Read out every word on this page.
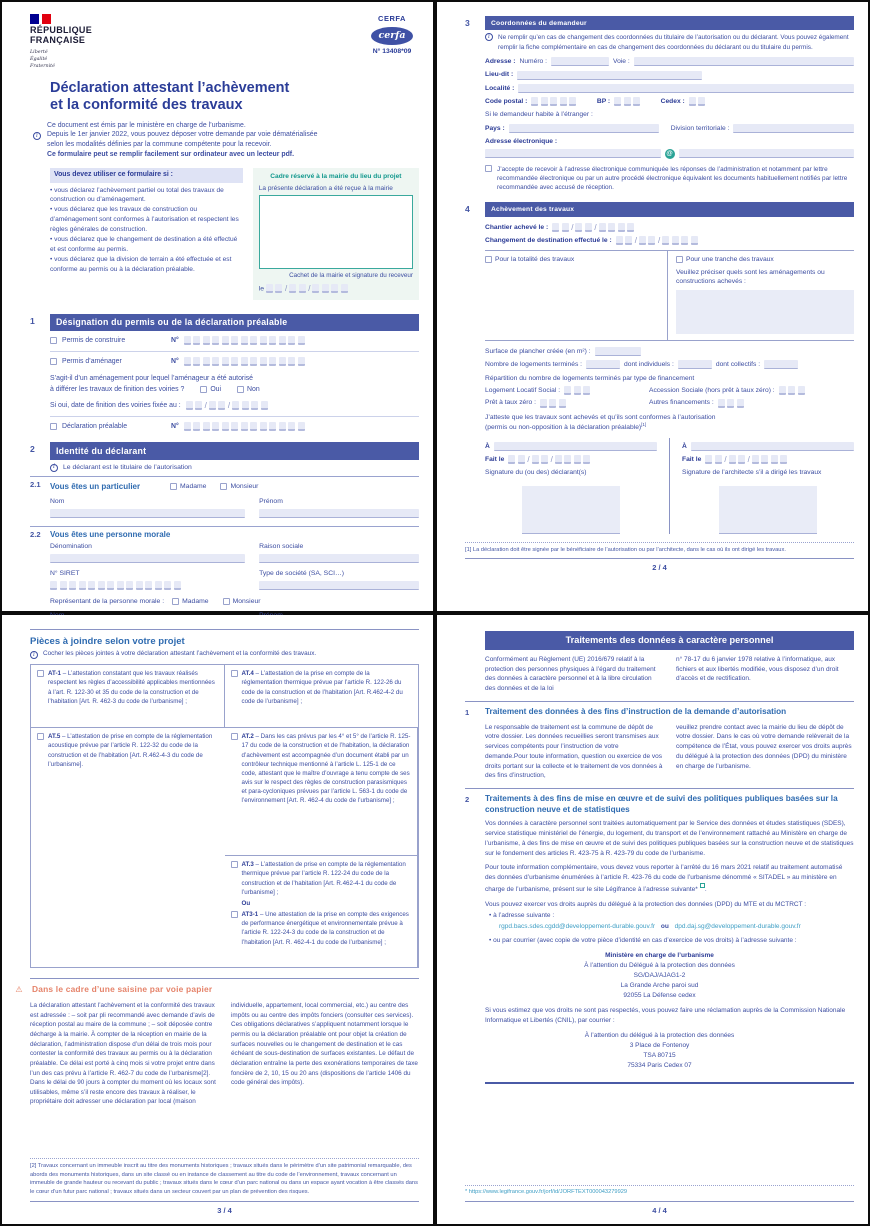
RÉPUBLIQUE
FRANÇAISE
Liberté
Égalité
Fraternité
CERFA
cerfa
N° 13408*09
Déclaration attestant l’achèvement
et la conformité des travaux
i
Ce document est émis par le ministère en charge de l’urbanisme.
Depuis le 1er janvier 2022, vous pouvez déposer votre demande par voie dématérialisée
selon les modalités définies par la commune compétente pour la recevoir.
Ce formulaire peut se remplir facilement sur ordinateur avec un lecteur pdf.
Vous devez utiliser ce formulaire si :
• vous déclarez l’achèvement partiel ou total des travaux de construction ou d’aménagement.
• vous déclarez que les travaux de construction ou d’aménagement sont conformes à l’autorisation et respectent les règles générales de construction.
• vous déclarez que le changement de destination a été effectué et est conforme au permis.
• vous déclarez que la division de terrain a été effectuée et est conforme au permis ou à la déclaration préalable.
Cadre réservé à la mairie du lieu du projet
La présente déclaration a été reçue à la mairie
Cachet de la mairie et signature du receveur
le	/	/
1	Désignation du permis ou de la déclaration préalable
Permis de construire	N°
Permis d’aménager	N°
S’agit-il d’un aménagement pour lequel l’aménageur a été autorisé
à différer les travaux de finition des voiries ?	Oui	Non
Si oui, date de finition des voiries fixée au :	/	/
Déclaration préalable	N°
2	Identité du déclarant
i
Le déclarant est le titulaire de l’autorisation
2.1	Vous êtes un particulier	Madame	Monsieur
Nom	Prénom
2.2	Vous êtes une personne morale
Dénomination	Raison sociale
N° SIRET	Type de société (SA, SCI…)
Représentant de la personne morale :	Madame	Monsieur
3	Coordonnées du demandeur
i
Ne remplir qu’en cas de changement des coordonnées du titulaire de l’autorisation ou du déclarant. Vous pouvez également remplir la fiche complémentaire en cas de changement des coordonnées du déclarant ou du titulaire du permis.
Adresse : Numéro :	Voie :
Lieu-dit :
Localité :
Code postal :	BP :	Cedex :
Si le demandeur habite à l’étranger :
Pays :	Division territoriale :
Adresse électronique :
@
J’accepte de recevoir à l’adresse électronique communiquée les réponses de l’administration et notamment par lettre recommandée électronique ou par un autre procédé électronique équivalent les documents habituellement notifiés par lettre recommandée avec accusé de réception.
4	Achèvement des travaux
Chantier achevé le :	/	/
Changement de destination effectué le :	/	/
Pour la totalité des travaux	Pour une tranche des travaux
Veuillez préciser quels sont les aménagements ou constructions achevés :
Surface de plancher créée (en m²) :
Nombre de logements terminés :	dont individuels :	dont collectifs :
Répartition du nombre de logements terminés par type de financement
Logement Locatif Social :	Accession Sociale (hors prêt à taux zéro) :
Prêt à taux zéro :	Autres financements :
J’atteste que les travaux sont achevés et qu’ils sont conformes à l’autorisation
(permis ou non-opposition à la déclaration préalable)[1]
À
Fait le	/	/
Signature du (ou des) déclarant(s)
À
Fait le	/	/
Signature de l’architecte s’il a dirigé les travaux
[1] La déclaration doit être signée par le bénéficiaire de l’autorisation ou par l’architecte, dans le cas où ils ont dirigé les travaux.
2 / 4
Pièces à joindre selon votre projet
i
Cocher les pièces jointes à votre déclaration attestant l’achèvement et la conformité des travaux.
AT-1 – L’attestation constatant que les travaux réalisés respectent les règles d’accessibilité applicables mentionnées à l’art. R. 122-30 et 35 du code de la construction et de l’habitation [Art. R. 462-3 du code de l’urbanisme] ;
AT.4 – L’attestation de la prise en compte de la réglementation thermique prévue par l’article R. 122-26 du code de la construction et de l’habitation [Art. R.462-4-2 du code de l’urbanisme] ;
AT.2 – Dans les cas prévus par les 4° et 5° de l’article R. 125-17 du code de la construction et de l’habitation, la déclaration d’achèvement est accompagnée d’un document établi par un contrôleur technique mentionné à l’article L. 125-1 de ce code, attestant que le maître d’ouvrage a tenu compte de ses avis sur le respect des règles de construction parasismiques et para-cycloniques prévues par l’article L. 563-1 du code de l’environnement [Art. R. 462-4 du code de l’urbanisme] ;
AT.5 – L’attestation de prise en compte de la réglementation acoustique prévue par l’article R. 122-32 du code de la construction et de l’habitation [Art. R.462-4-3 du code de l’urbanisme].
AT.3 – L’attestation de prise en compte de la réglementation thermique prévue par l’article R. 122-24 du code de la construction et de l’habitation [Art. R.462-4-1 du code de l’urbanisme] ;
Ou
AT3-1 – Une attestation de la prise en compte des exigences de performance énergétique et environnementale prévue à l’article R. 122-24-3 du code de la construction et de l’habitation [Art. R. 462-4-1 du code de l’urbanisme] ;
⚠
Dans le cadre d’une saisine par voie papier
La déclaration attestant l’achèvement et la conformité des travaux est adressée : – soit par pli recommandé avec demande d’avis de réception postal au maire de la commune ; – soit déposée contre décharge à la mairie. À compter de la réception en mairie de la déclaration, l’administration dispose d’un délai de trois mois pour contester la conformité des travaux au permis ou à la déclaration préalable. Ce délai est porté à cinq mois si votre projet entre dans l’un des cas prévu à l’article R. 462-7 du code de l’urbanisme[2]. Dans le délai de 90 jours à compter du moment où les locaux sont utilisables, même s’il reste encore des travaux à réaliser, le propriétaire doit adresser une déclaration par local (maison
individuelle, appartement, local commercial, etc.) au centre des impôts ou au centre des impôts fonciers (consulter ces services). Ces obligations déclaratives s’appliquent notamment lorsque le permis ou la déclaration préalable ont pour objet la création de surfaces nouvelles ou le changement de destination et le cas échéant de sous-destination de surfaces existantes. Le défaut de déclaration entraîne la perte des exonérations temporaires de taxe foncière de 2, 10, 15 ou 20 ans (dispositions de l’article 1406 du code général des impôts).
[2] Travaux concernant un immeuble inscrit au titre des monuments historiques ; travaux situés dans le périmètre d’un site patrimonial remarquable, des abords des monuments historiques, dans un site classé ou en instance de classement au titre du code de l’environnement, travaux concernant un immeuble de grande hauteur ou recevant du public ; travaux situés dans le cœur d’un parc national ou dans un espace ayant vocation à être classés dans le cœur d’un futur parc national ; travaux situés dans un secteur couvert par un plan de prévention des risques.
3 / 4
Traitements des données à caractère personnel
Conformément au Règlement (UE) 2016/679 relatif à la protection des personnes physiques à l’égard du traitement des données à caractère personnel et à la libre circulation des données et de la loi
n° 78-17 du 6 janvier 1978 relative à l’informatique, aux fichiers et aux libertés modifiée, vous disposez d’un droit d’accès et de rectification.
1	Traitement des données à des fins d’instruction de la demande d’autorisation
Le responsable de traitement est la commune de dépôt de votre dossier. Les données recueillies seront transmises aux services compétents pour l’instruction de votre demande.Pour toute information, question ou exercice de vos droits portant sur la collecte et le traitement de vos données à des fins d’instruction,
veuillez prendre contact avec la mairie du lieu de dépôt de votre dossier. Dans le cas où votre demande relèverait de la compétence de l’État, vous pouvez exercer vos droits auprès du délégué à la protection des données (DPD) du ministère en charge de l’urbanisme.
2	Traitements à des fins de mise en œuvre et de suivi des politiques publiques basées sur la construction neuve et de statistiques
Vos données à caractère personnel sont traitées automatiquement par le Service des données et études statistiques (SDES), service statistique ministériel de l’énergie, du logement, du transport et de l’environnement rattaché au Ministère en charge de l’urbanisme, à des fins de mise en œuvre et de suivi des politiques publiques basées sur la construction neuve et de statistiques sur le fondement des articles R. 423-75 à R. 423-79 du code de l’urbanisme.
Pour toute information complémentaire, vous devez vous reporter à l’arrêté du 16 mars 2021 relatif au traitement automatisé des données d’urbanisme énumérées à l’article R. 423-76 du code de l’urbanisme dénommé « SITADEL » au ministère en charge de l’urbanisme, présent sur le site Légifrance à l’adresse suivante* .
Vous pouvez exercer vos droits auprès du délégué à la protection des données (DPD) du MTE et du MCTRCT :
• à l’adresse suivante :
rgpd.bacs.sdes.cgdd@developpement-durable.gouv.fr ou dpd.daj.sg@developpement-durable.gouv.fr
• ou par courrier (avec copie de votre pièce d’identité en cas d’exercice de vos droits) à l’adresse suivante :
Ministère en charge de l’urbanisme
À l’attention du Délégué à la protection des données
SG/DAJ/AJAG1-2
La Grande Arche paroi sud
92055 La Défense cedex
Si vous estimez que vos droits ne sont pas respectés, vous pouvez faire une réclamation auprès de la Commission Nationale Informatique et Libertés (CNIL), par courrier :
À l’attention du délégué à la protection des données
3 Place de Fontenoy
TSA 80715
75334 Paris Cedex 07
* https://www.legifrance.gouv.fr/jorf/id/JORFTEXT000043279929
4 / 4
